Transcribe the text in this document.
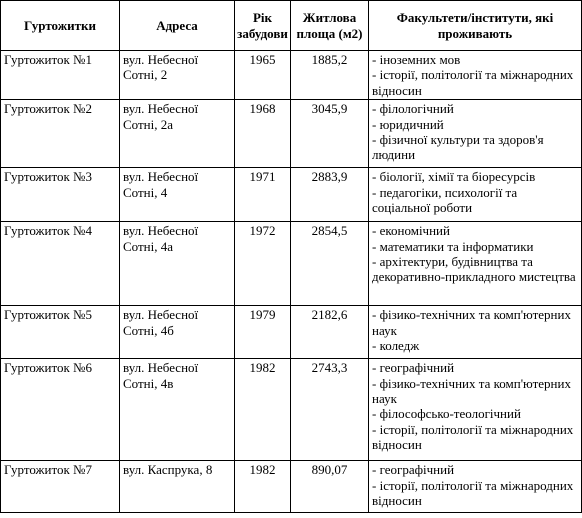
Гуртожитки	Адреса	Рік забудови	Житлова площа (м2)	Факультети/інститути, які проживають
Гуртожиток №1	вул. Небесної Сотні, 2	1965	1885,2	- іноземних мов
- історії, політології та міжнародних відносин

Гуртожиток №2	вул. Небесної Сотні, 2а	1968	3045,9	- філологічний
- юридичний
- фізичної культури та здоров'я людини

Гуртожиток №3	вул. Небесної Сотні, 4	1971	2883,9	- біології, хімії та біоресурсів
- педагогіки, психології та соціальної роботи

Гуртожиток №4	вул. Небесної Сотні, 4а	1972	2854,5	- економічний
- математики та інформатики
- архітектури, будівництва та декоративно-прикладного мистецтва

Гуртожиток №5	вул. Небесної Сотні, 4б	1979	2182,6	- фізико-технічних та комп'ютерних наук
- коледж

Гуртожиток №6	вул. Небесної Сотні, 4в	1982	2743,3	- географічний
- фізико-технічних та комп'ютерних наук
- філософсько-теологічний
- історії, політології та міжнародних відносин

Гуртожиток №7	вул. Каспрука, 8	1982	890,07	- географічний
- історії, політології та міжнародних відносин
